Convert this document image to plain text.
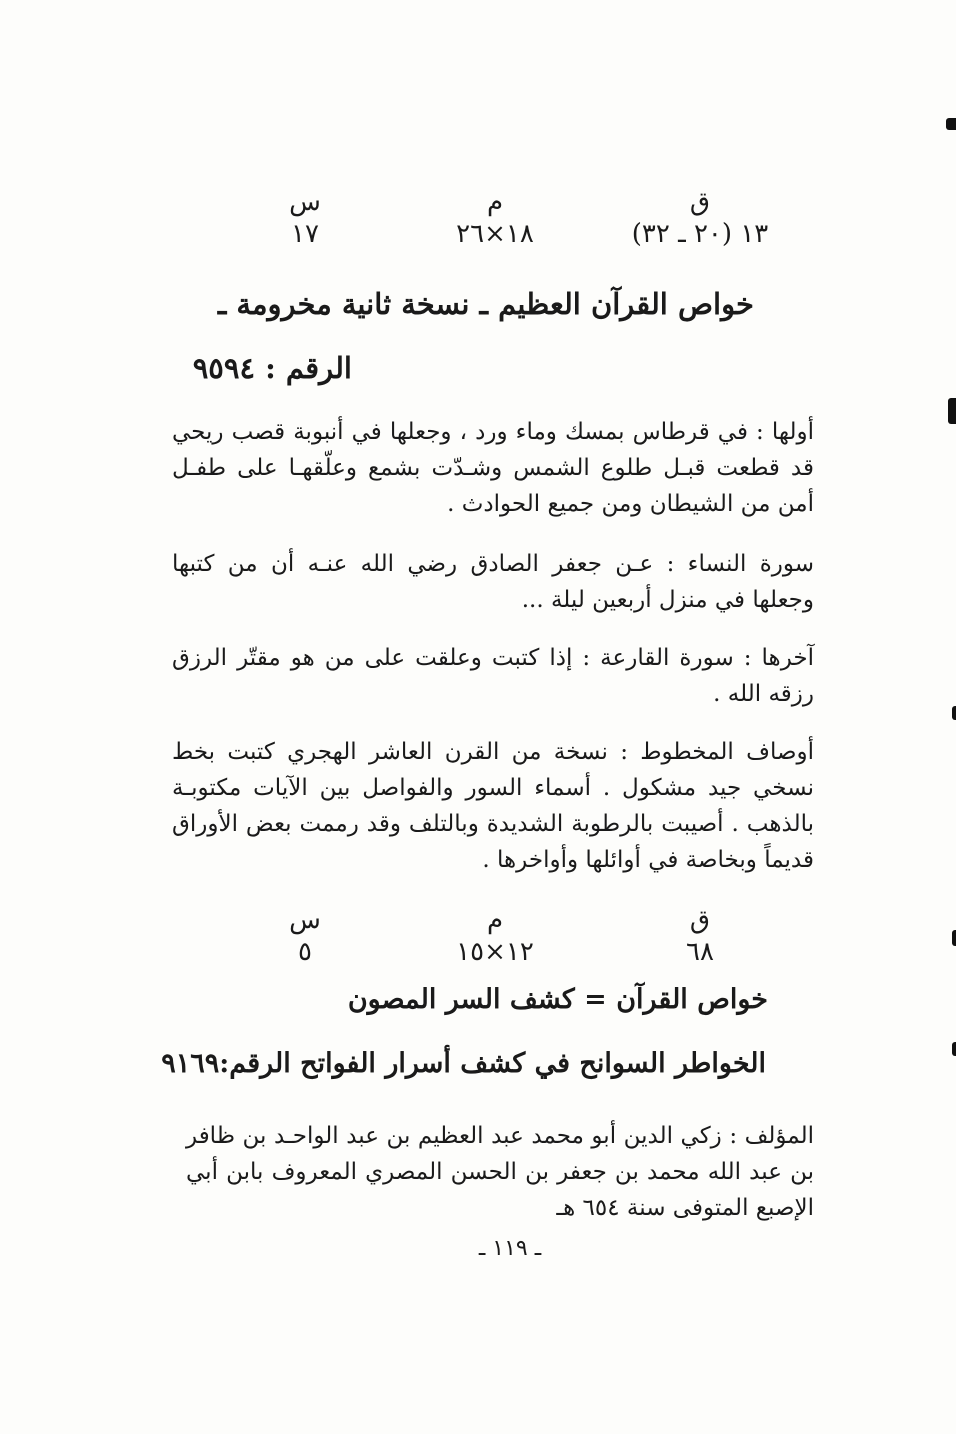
ق
م
س
١٣ (٢٠ ـ ٣٢)
١٨×٢٦
١٧
خواص القرآن العظيم ـ نسخة ثانية مخرومة ـ
الرقم : ٩٥٩٤

أولها : في قرطاس بمسك وماء ورد ، وجعلها في أنبوبة قصب ريحي قد قطعت قبـل طلوع الشمس وشـدّت بشمع وعلّقهـا على طفـل أمن من الشيطان ومن جميع الحوادث .

سورة النساء : عـن جعفر الصادق رضي الله عنـه أن من كتبها وجعلها في منزل أربعين ليلة ...

آخرها : سورة القارعة : إذا كتبت وعلقت على من هو مقتّر الرزق رزقه الله .

أوصاف المخطوط : نسخة من القرن العاشر الهجري كتبت بخط نسخي جيد مشكول . أسماء السور والفواصل بين الآيات مكتوبـة بالذهب . أصيبت بالرطوبة الشديدة وبالتلف وقد رممت بعض الأوراق قديماً وبخاصة في أوائلها وأواخرها .

ق
م
س
٦٨
١٢×١٥
٥
خواص القرآن = كشف السر المصون
الخواطر السوانح في كشف أسرار الفواتح الرقم:٩١٦٩

المؤلف : زكي الدين أبو محمد عبد العظيم بن عبد الواحـد بن ظافر بن عبد الله محمد بن جعفر بن الحسن المصري المعروف بابن أبي الإصبع المتوفى سنة ٦٥٤ هـ

ـ ١١٩ ـ
